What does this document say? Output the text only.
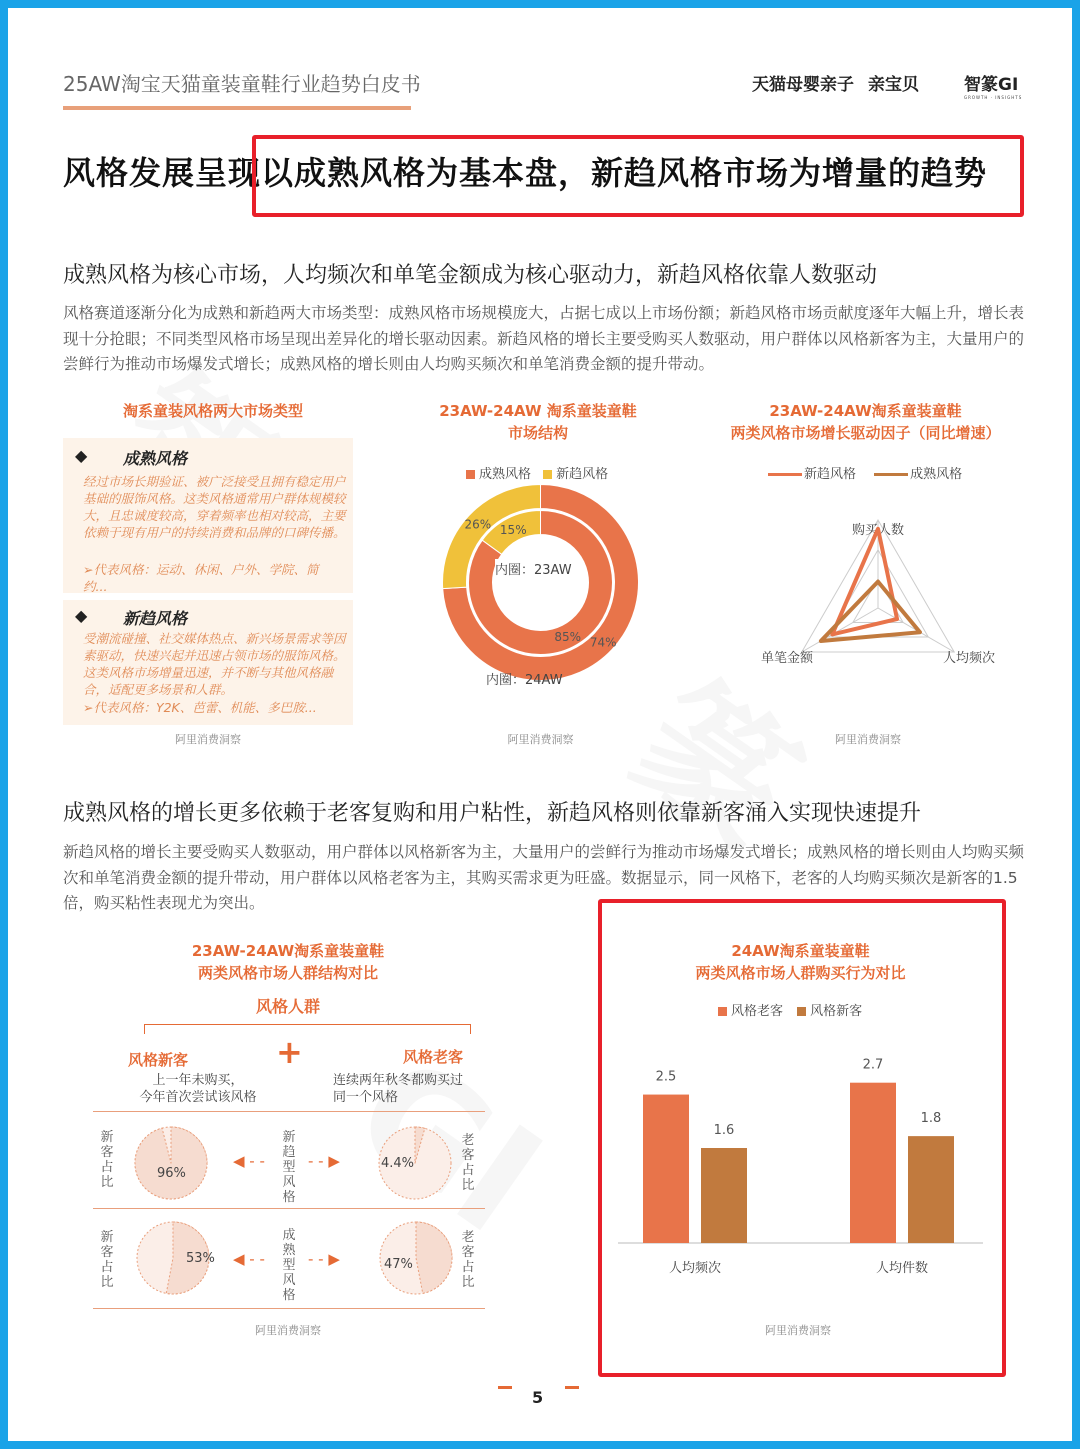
25AW淘宝天猫童装童鞋行业趋势白皮书	天猫母婴亲子 亲宝贝	智篆GI
GROWTH · INSIGHTS
风格发展呈现以成熟风格为基本盘，新趋风格市场为增量的趋势
成熟风格为核心市场，人均频次和单笔金额成为核心驱动力，新趋风格依靠人数驱动
风格赛道逐渐分化为成熟和新趋两大市场类型：成熟风格市场规模庞大，占据七成以上市场份额；新趋风格市场贡献度逐年大幅上升，增长表现十分抢眼；不同类型风格市场呈现出差异化的增长驱动因素。新趋风格的增长主要受购买人数驱动，用户群体以风格新客为主，大量用户的尝鲜行为推动市场爆发式增长；成熟风格的增长则由人均购买频次和单笔消费金额的提升带动。
淘系童装风格两大市场类型
◆ 成熟风格
经过市场长期验证、被广泛接受且拥有稳定用户基础的服饰风格。这类风格通常用户群体规模较大，且忠诚度较高，穿着频率也相对较高，主要依赖于现有用户的持续消费和品牌的口碑传播。
➢代表风格：运动、休闲、户外、学院、简约...
◆ 新趋风格
受潮流碰撞、社交媒体热点、新兴场景需求等因素驱动，快速兴起并迅速占领市场的服饰风格。这类风格市场增量迅速，并不断与其他风格融合，适配更多场景和人群。
➢代表风格：Y2K、芭蕾、机能、多巴胺...
阿里消费洞察
23AW-24AW 淘系童装童鞋
市场结构
成熟风格 新趋风格
85%
15%
74%
26%
内圈：23AW
内圈：24AW
阿里消费洞察
23AW-24AW淘系童装童鞋
两类风格市场增长驱动因子（同比增速）
新趋风格	成熟风格
购买人数
人均频次
单笔金额
阿里消费洞察
成熟风格的增长更多依赖于老客复购和用户粘性，新趋风格则依靠新客涌入实现快速提升
新趋风格的增长主要受购买人数驱动，用户群体以风格新客为主，大量用户的尝鲜行为推动市场爆发式增长；成熟风格的增长则由人均购买频次和单笔消费金额的提升带动，用户群体以风格老客为主，其购买需求更为旺盛。数据显示，同一风格下，老客的人均购买频次是新客的1.5倍，购买粘性表现尤为突出。
23AW-24AW淘系童装童鞋
两类风格市场人群结构对比
风格人群
风格新客	+	风格老客
上一年未购买，
今年首次尝试该风格
连续两年秋冬都购买过
同一个风格
新客占比
96%
◀ - -
新趋型风格
- - ▶	4.4%
老客占比
新客占比
53% ◀ - -
成熟型风格
- - ▶	47%
老客占比
阿里消费洞察
24AW淘系童装童鞋
两类风格市场人群购买行为对比
风格老客 风格新客
2.5
1.6
人均频次
2.7
1.8
人均件数
阿里消费洞察
5
